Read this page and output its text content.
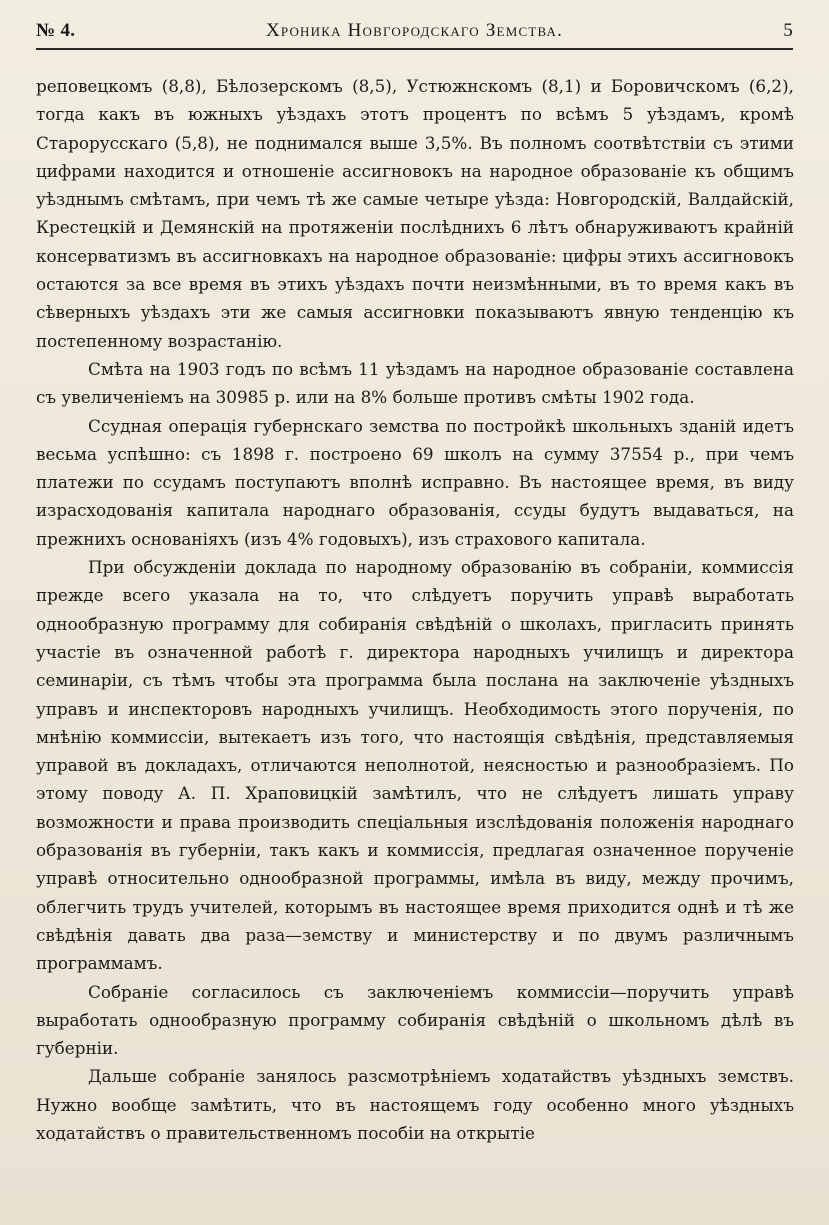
№ 4.	Хроника Новгородскаго Земства.	5

реповецкомъ (8,8), Бѣлозерскомъ (8,5), Устюжнскомъ (8,1) и Боровичскомъ (6,2), тогда какъ въ южныхъ уѣздахъ этотъ процентъ по всѣмъ 5 уѣздамъ, кромѣ Старорусскаго (5,8), не поднимался выше 3,5%. Въ полномъ соотвѣтствіи съ этими цифрами находится и отношеніе ассигновокъ на народное образованіе къ общимъ уѣзднымъ смѣтамъ, при чемъ тѣ же самые четыре уѣзда: Новгородскій, Валдайскій, Крестецкій и Демянскій на протяженіи послѣднихъ 6 лѣтъ обнаруживаютъ крайній консерватизмъ въ ассигновкахъ на народное образованіе: цифры этихъ ассигновокъ остаются за все время въ этихъ уѣздахъ почти неизмѣнными, въ то время какъ въ сѣверныхъ уѣздахъ эти же самыя ассигновки показываютъ явную тенденцію къ постепенному возрастанію.

Смѣта на 1903 годъ по всѣмъ 11 уѣздамъ на народное образованіе составлена съ увеличеніемъ на 30985 р. или на 8% больше противъ смѣты 1902 года.

Ссудная операція губернскаго земства по постройкѣ школьныхъ зданій идетъ весьма успѣшно: съ 1898 г. построено 69 школъ на сумму 37554 р., при чемъ платежи по ссудамъ поступаютъ вполнѣ исправно. Въ настоящее время, въ виду израсходованія капитала народнаго образованія, ссуды будутъ выдаваться, на прежнихъ основаніяхъ (изъ 4% годовыхъ), изъ страхового капитала.

При обсужденіи доклада по народному образованію въ собраніи, коммиссія прежде всего указала на то, что слѣдуетъ поручить управѣ выработать однообразную программу для собиранія свѣдѣній о школахъ, пригласить принять участіе въ означенной работѣ г. директора народныхъ училищъ и директора семинаріи, съ тѣмъ чтобы эта программа была послана на заключеніе уѣздныхъ управъ и инспекторовъ народныхъ училищъ. Необходимость этого порученія, по мнѣнію коммиссіи, вытекаетъ изъ того, что настоящія свѣдѣнія, представляемыя управой въ докладахъ, отличаются неполнотой, неясностью и разнообразіемъ. По этому поводу А. П. Храповицкій замѣтилъ, что не слѣдуетъ лишать управу возможности и права производить спеціальныя изслѣдованія положенія народнаго образованія въ губерніи, такъ какъ и коммиссія, предлагая означенное порученіе управѣ относительно однообразной программы, имѣла въ виду, между прочимъ, облегчить трудъ учителей, которымъ въ настоящее время приходится однѣ и тѣ же свѣдѣнія давать два раза—земству и министерству и по двумъ различнымъ программамъ.

Собраніе согласилось съ заключеніемъ коммиссіи—поручить управѣ выработать однообразную программу собиранія свѣдѣній о школьномъ дѣлѣ въ губерніи.

Дальше собраніе занялось разсмотрѣніемъ ходатайствъ уѣздныхъ земствъ. Нужно вообще замѣтить, что въ настоящемъ году особенно много уѣздныхъ ходатайствъ о правительственномъ пособіи на открытіе
